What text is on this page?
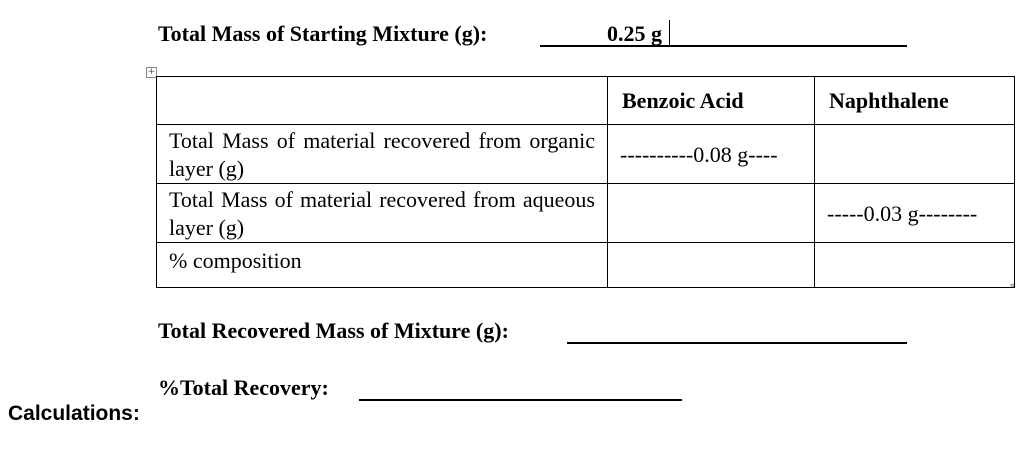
Total Mass of Starting Mixture (g):	0.25 g
+

	Benzoic Acid	Naphthalene

Total Mass of material recovered from organic layer (g)	----------0.08 g----	

Total Mass of material recovered from aqueous layer (g)		-----0.03 g--------

% composition		

¤
Total Recovered Mass of Mixture (g):
%Total Recovery:
Calculations:
